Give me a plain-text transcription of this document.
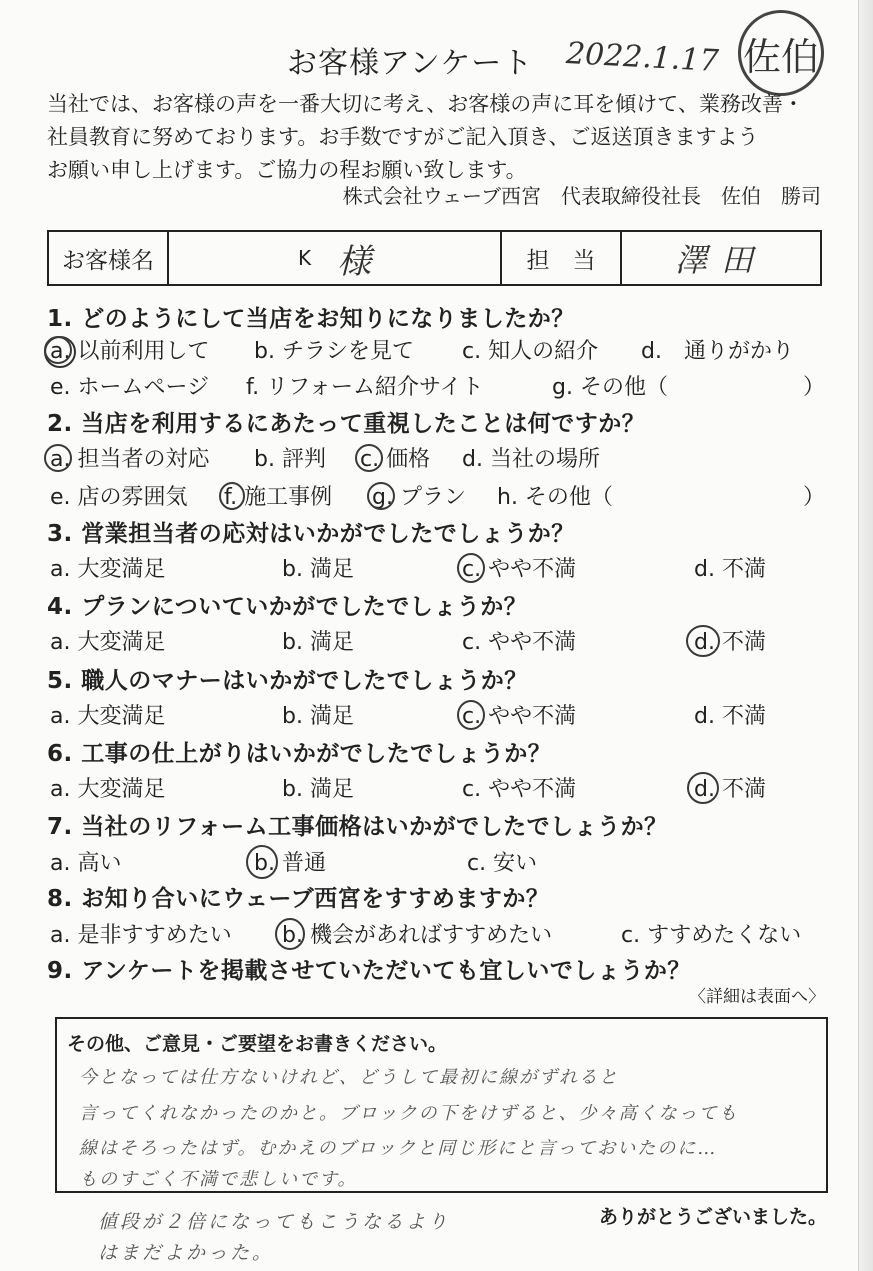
お客様アンケート 2022.1.17 佐伯
当社では、お客様の声を一番大切に考え、お客様の声に耳を傾けて、業務改善・
社員教育に努めております。お手数ですがご記入頂き、ご返送頂きますよう
お願い申し上げます。ご協力の程お願い致します。
株式会社ウェーブ西宮　代表取締役社長　佐伯　勝司
お客様名	K 様	担　当	澤田
1. どのようにして当店をお知りになりましたか？
a. 以前利用して b. チラシを見て c. 知人の紹介 d.　通りがかり
e. ホームページ f. リフォーム紹介サイト	g. その他（	）
2. 当店を利用するにあたって重視したことは何ですか？
a. 担当者の対応 b. 評判 c. 価格 d. 当社の場所
e. 店の雰囲気 f. 施工事例 g. プラン h. その他（	）
3. 営業担当者の応対はいかがでしたでしょうか？
a. 大変満足	b. 満足	c. やや不満	d. 不満
4. プランについていかがでしたでしょうか？
a. 大変満足	b. 満足	c. やや不満	d. 不満
5. 職人のマナーはいかがでしたでしょうか？
a. 大変満足	b. 満足	c. やや不満	d. 不満
6. 工事の仕上がりはいかがでしたでしょうか？
a. 大変満足	b. 満足	c. やや不満	d. 不満
7. 当社のリフォーム工事価格はいかがでしたでしょうか？
a. 高い	b. 普通	c. 安い
8. お知り合いにウェーブ西宮をすすめますか？
a. 是非すすめたい b. 機会があればすすめたい	c. すすめたくない
9. アンケートを掲載させていただいても宜しいでしょうか？
〈詳細は表面へ〉
その他、ご意見・ご要望をお書きください。
今となっては仕方ないけれど、どうして最初に線がずれると
言ってくれなかったのかと。ブロックの下をけずると、少々高くなっても
線はそろったはず。むかえのブロックと同じ形にと言っておいたのに…
ものすごく不満で悲しいです。
値段が２倍になってもこうなるより
はまだよかった。
ありがとうございました。
